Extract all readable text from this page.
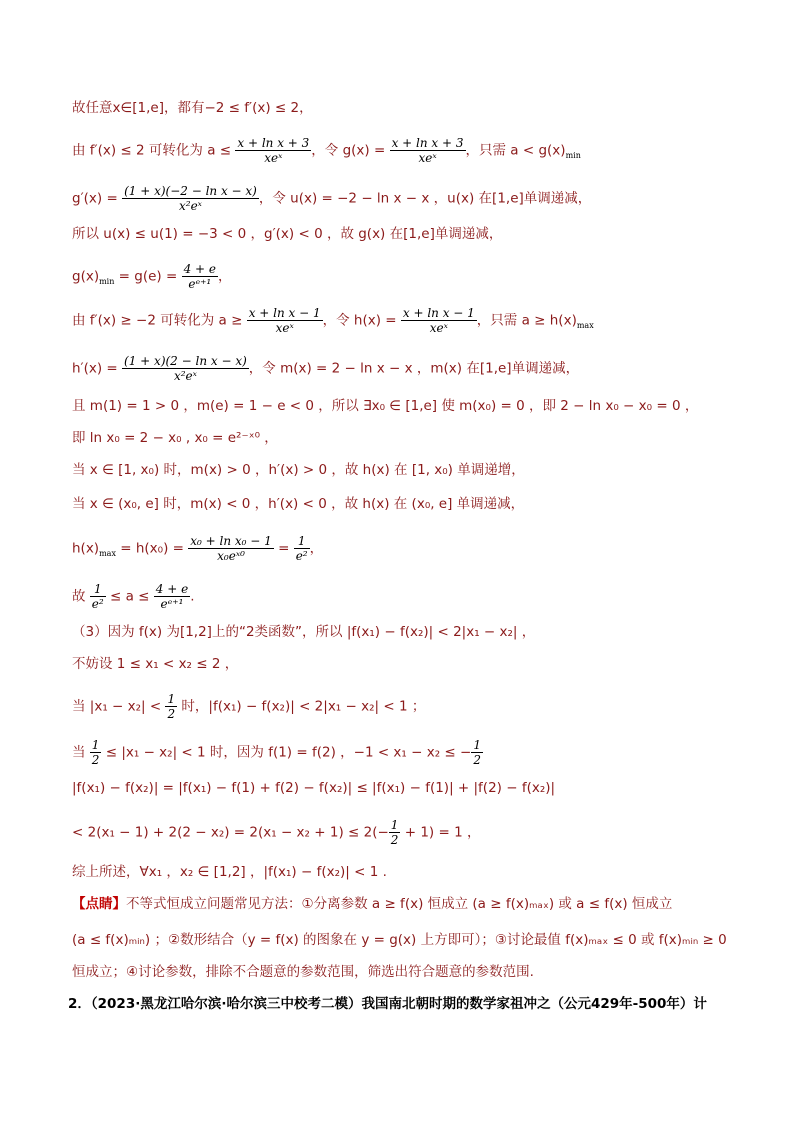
故任意x∈[1,e]，都有−2 ≤ f′(x) ≤ 2，
由 f′(x) ≤ 2 可转化为 a ≤ x + ln x + 3
xeˣ	，令 g(x) = x + ln x + 3
xeˣ	，只需 $a < g(x)_{min}$
$g'(x) = \frac{\text{(1 + x)(−2 − ln x − x)}}{\text{x²eˣ}}$ ，令 u(x) = −2 − ln x − x ，u(x) 在[1,e]单调递减，
所以 u(x) ≤ u(1) = −3 < 0 ，g′(x) < 0 ，故 g(x) 在[1,e]单调递减，
$g(x)_{min} = g(e) = \frac{4 + e}{\text{eᵉ⁺¹}}$ ，
由 f′(x) ≥ −2 可转化为 a ≥ x + ln x − 1
xeˣ	，令 h(x) = x + ln x − 1
xeˣ	，只需 $a \ge h(x)_{max}$
$h'(x) = \frac{\text{(1 + x)(2 − ln x − x)}}{\text{x²eˣ}}$ ，令 m(x) = 2 − ln x − x ，m(x) 在[1,e]单调递减，
且 m(1) = 1 > 0 ，m(e) = 1 − e < 0 ，所以 ∃x₀ ∈ [1,e] 使 m(x₀) = 0 ，即 2 − ln x₀ − x₀ = 0 ，
即 ln x₀ = 2 − x₀ , x₀ = e²⁻ˣ⁰ ，
当 x ∈ [1, x₀) 时，m(x) > 0 ，h′(x) > 0 ，故 h(x) 在 [1, x₀) 单调递增，
当 x ∈ (x₀, e] 时，m(x) < 0 ，h′(x) < 0 ，故 h(x) 在 (x₀, e] 单调递减，
$h(x)_{max} = h(x_0) = \frac{\text{x₀ + ln x₀ − 1}}{\text{x₀eˣ⁰}} = \frac{1}{\text{e²}}$ ，
故 $\frac{1}{\text{e²}} \le a \le \frac{4 + e}{\text{eᵉ⁺¹}}$ .
（3）因为 f(x) 为[1,2]上的“2类函数”，所以 |f(x₁) − f(x₂)| < 2|x₁ − x₂| ，
不妨设 1 ≤ x₁ < x₂ ≤ 2 ，
当 $|x_1 - x_2| < \frac{1}{2}$ 时，|f(x₁) − f(x₂)| < 2|x₁ − x₂| < 1 ；
当 $\frac{1}{2} \le |x_1 - x_2| < 1$ 时，因为 f(1) = f(2) ，−1 < x₁ − x₂ ≤ − $\frac{1}{2}$
|f(x₁) − f(x₂)| = |f(x₁) − f(1) + f(2) − f(x₂)| ≤ |f(x₁) − f(1)| + |f(2) − f(x₂)|
< $2(x_1 - 1) + 2(2 - x_2) = 2(x_1 - x_2 + 1) \le 2(- \frac{1}{2} + 1) = 1$ ，
综上所述，∀x₁ ，x₂ ∈ [1,2] ，|f(x₁) − f(x₂)| < 1 .
【点睛】不等式恒成立问题常见方法：①分离参数 a ≥ f(x) 恒成立 (a ≥ f(x)ₘₐₓ) 或 a ≤ f(x) 恒成立
(a ≤ f(x)ₘᵢₙ) ；②数形结合（y = f(x) 的图象在 y = g(x) 上方即可）；③讨论最值 f(x)ₘₐₓ ≤ 0 或 f(x)ₘᵢₙ ≥ 0
恒成立；④讨论参数，排除不合题意的参数范围，筛选出符合题意的参数范围.
2．（2023·黑龙江哈尔滨·哈尔滨三中校考二模）我国南北朝时期的数学家祖冲之（公元429年-500年）计
